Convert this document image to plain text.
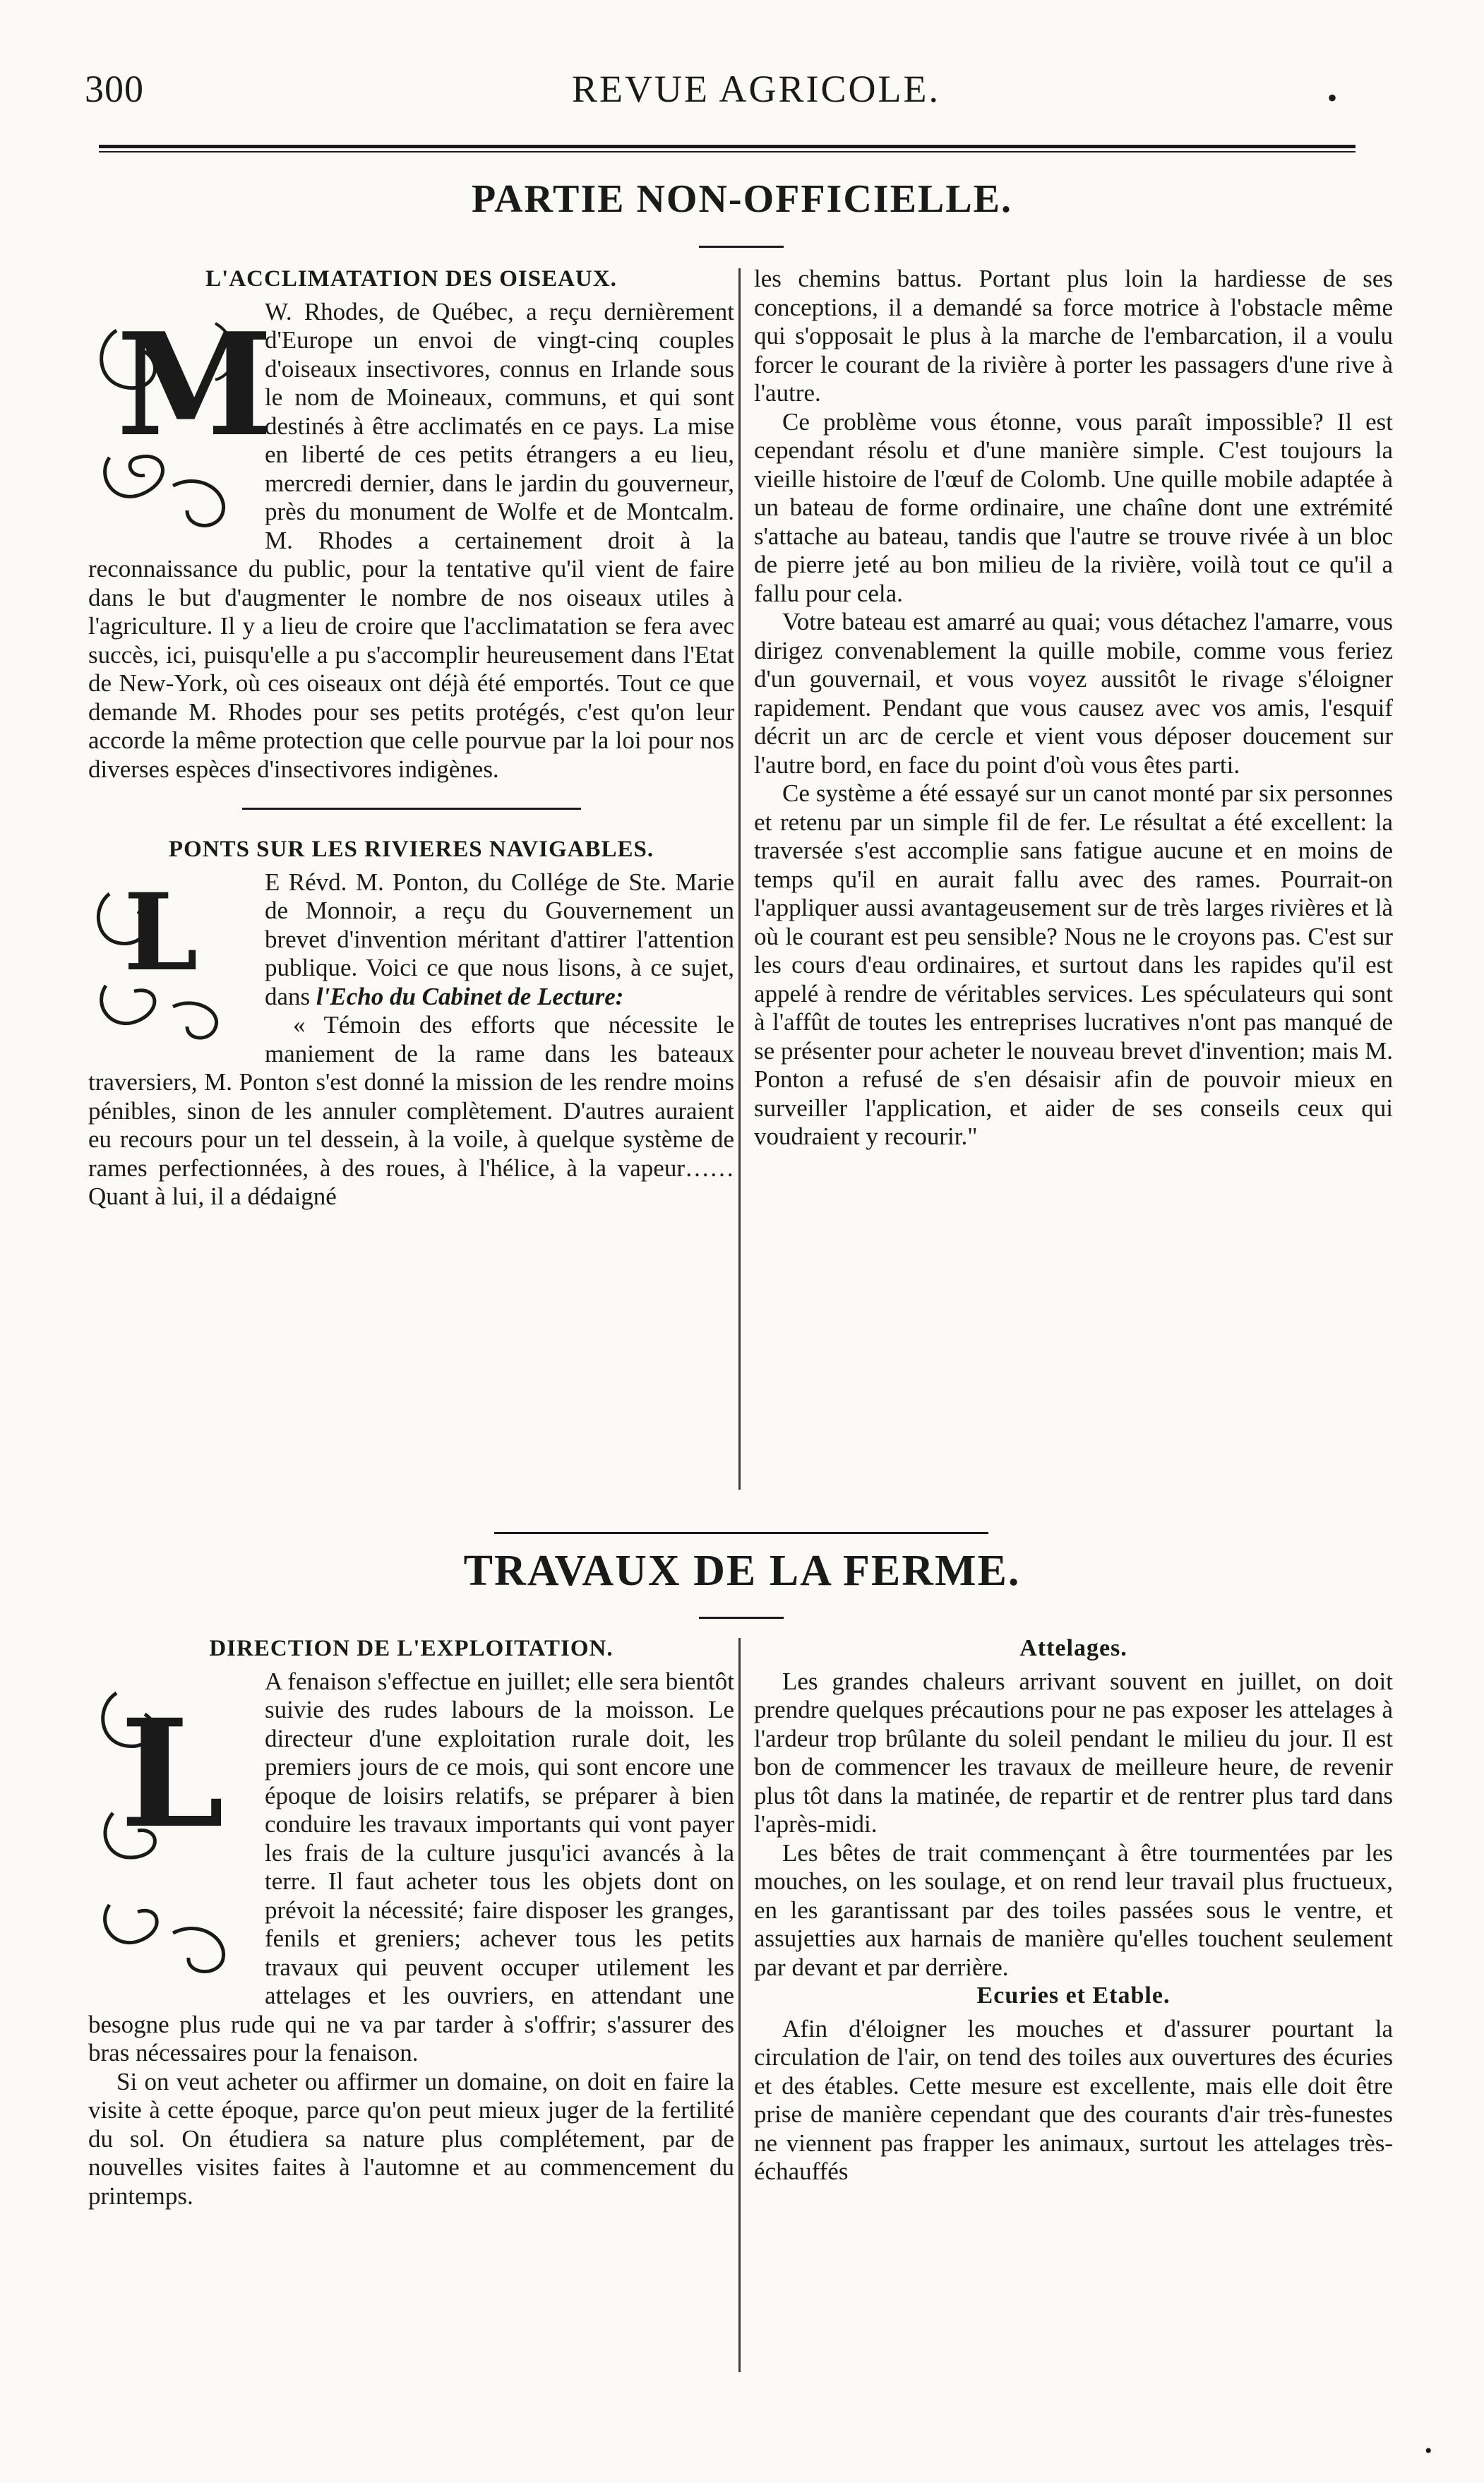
300	REVUE AGRICOLE.	•
PARTIE NON-OFFICIELLE.
L'ACCLIMATATION DES OISEAUX.
M

W. Rhodes, de Québec, a reçu dernièrement d'Europe un envoi de vingt-cinq couples d'oiseaux insectivores, connus en Irlande sous le nom de Moineaux, communs, et qui sont destinés à être acclimatés en ce pays. La mise en liberté de ces petits étrangers a eu lieu, mercredi dernier, dans le jardin du gouverneur, près du monument de Wolfe et de Montcalm. M. Rhodes a certainement droit à la reconnaissance du public, pour la tentative qu'il vient de faire dans le but d'augmenter le nombre de nos oiseaux utiles à l'agriculture. Il y a lieu de croire que l'acclimatation se fera avec succès, ici, puisqu'elle a pu s'accomplir heureusement dans l'Etat de New-York, où ces oiseaux ont déjà été emportés. Tout ce que demande M. Rhodes pour ses petits protégés, c'est qu'on leur accorde la même protection que celle pourvue par la loi pour nos diverses espèces d'insectivores indigènes.

PONTS SUR LES RIVIERES NAVIGABLES.
L	E Révd. M. Ponton, du Collége de Ste. Marie de Monnoir, a reçu du Gouvernement un brevet d'invention méritant d'attirer l'attention publique. Voici ce que nous lisons, à ce sujet, dans l'Echo du Cabinet de Lecture:

« Témoin des efforts que nécessite le maniement de la rame dans les bateaux traversiers, M. Ponton s'est donné la mission de les rendre moins pénibles, sinon de les annuler complètement. D'autres auraient eu recours pour un tel dessein, à la voile, à quelque système de rames perfectionnées, à des roues, à l'hélice, à la vapeur……Quant à lui, il a dédaigné

les chemins battus. Portant plus loin la hardiesse de ses conceptions, il a demandé sa force motrice à l'obstacle même qui s'opposait le plus à la marche de l'embarcation, il a voulu forcer le courant de la rivière à porter les passagers d'une rive à l'autre.

Ce problème vous étonne, vous paraît impossible? Il est cependant résolu et d'une manière simple. C'est toujours la vieille histoire de l'œuf de Colomb. Une quille mobile adaptée à un bateau de forme ordinaire, une chaîne dont une extrémité s'attache au bateau, tandis que l'autre se trouve rivée à un bloc de pierre jeté au bon milieu de la rivière, voilà tout ce qu'il a fallu pour cela.

Votre bateau est amarré au quai; vous détachez l'amarre, vous dirigez convenablement la quille mobile, comme vous feriez d'un gouvernail, et vous voyez aussitôt le rivage s'éloigner rapidement. Pendant que vous causez avec vos amis, l'esquif décrit un arc de cercle et vient vous déposer doucement sur l'autre bord, en face du point d'où vous êtes parti.

Ce système a été essayé sur un canot monté par six personnes et retenu par un simple fil de fer. Le résultat a été excellent: la traversée s'est accomplie sans fatigue aucune et en moins de temps qu'il en aurait fallu avec des rames. Pourrait-on l'appliquer aussi avantageusement sur de très larges rivières et là où le courant est peu sensible? Nous ne le croyons pas. C'est sur les cours d'eau ordinaires, et surtout dans les rapides qu'il est appelé à rendre de véritables services. Les spéculateurs qui sont à l'affût de toutes les entreprises lucratives n'ont pas manqué de se présenter pour acheter le nouveau brevet d'invention; mais M. Ponton a refusé de s'en désaisir afin de pouvoir mieux en surveiller l'application, et aider de ses conseils ceux qui voudraient y recourir."

TRAVAUX DE LA FERME.
DIRECTION DE L'EXPLOITATION.
L

A fenaison s'effectue en juillet; elle sera bientôt suivie des rudes labours de la moisson. Le directeur d'une exploitation rurale doit, les premiers jours de ce mois, qui sont encore une époque de loisirs relatifs, se préparer à bien conduire les travaux importants qui vont payer les frais de la culture jusqu'ici avancés à la terre. Il faut acheter tous les objets dont on prévoit la nécessité; faire disposer les granges, fenils et greniers; achever tous les petits travaux qui peuvent occuper utilement les attelages et les ouvriers, en attendant une besogne plus rude qui ne va par tarder à s'offrir; s'assurer des bras nécessaires pour la fenaison.

Si on veut acheter ou affirmer un domaine, on doit en faire la visite à cette époque, parce qu'on peut mieux juger de la fertilité du sol. On étudiera sa nature plus complétement, par de nouvelles visites faites à l'automne et au commencement du printemps.

Attelages.

Les grandes chaleurs arrivant souvent en juillet, on doit prendre quelques précautions pour ne pas exposer les attelages à l'ardeur trop brûlante du soleil pendant le milieu du jour. Il est bon de commencer les travaux de meilleure heure, de revenir plus tôt dans la matinée, de repartir et de rentrer plus tard dans l'après-midi.

Les bêtes de trait commençant à être tourmentées par les mouches, on les soulage, et on rend leur travail plus fructueux, en les garantissant par des toiles passées sous le ventre, et assujetties aux harnais de manière qu'elles touchent seulement par devant et par derrière.

Ecuries et Etable.

Afin d'éloigner les mouches et d'assurer pourtant la circulation de l'air, on tend des toiles aux ouvertures des écuries et des étables. Cette mesure est excellente, mais elle doit être prise de manière cependant que des courants d'air très-funestes ne viennent pas frapper les animaux, surtout les attelages très-échauffés

•
